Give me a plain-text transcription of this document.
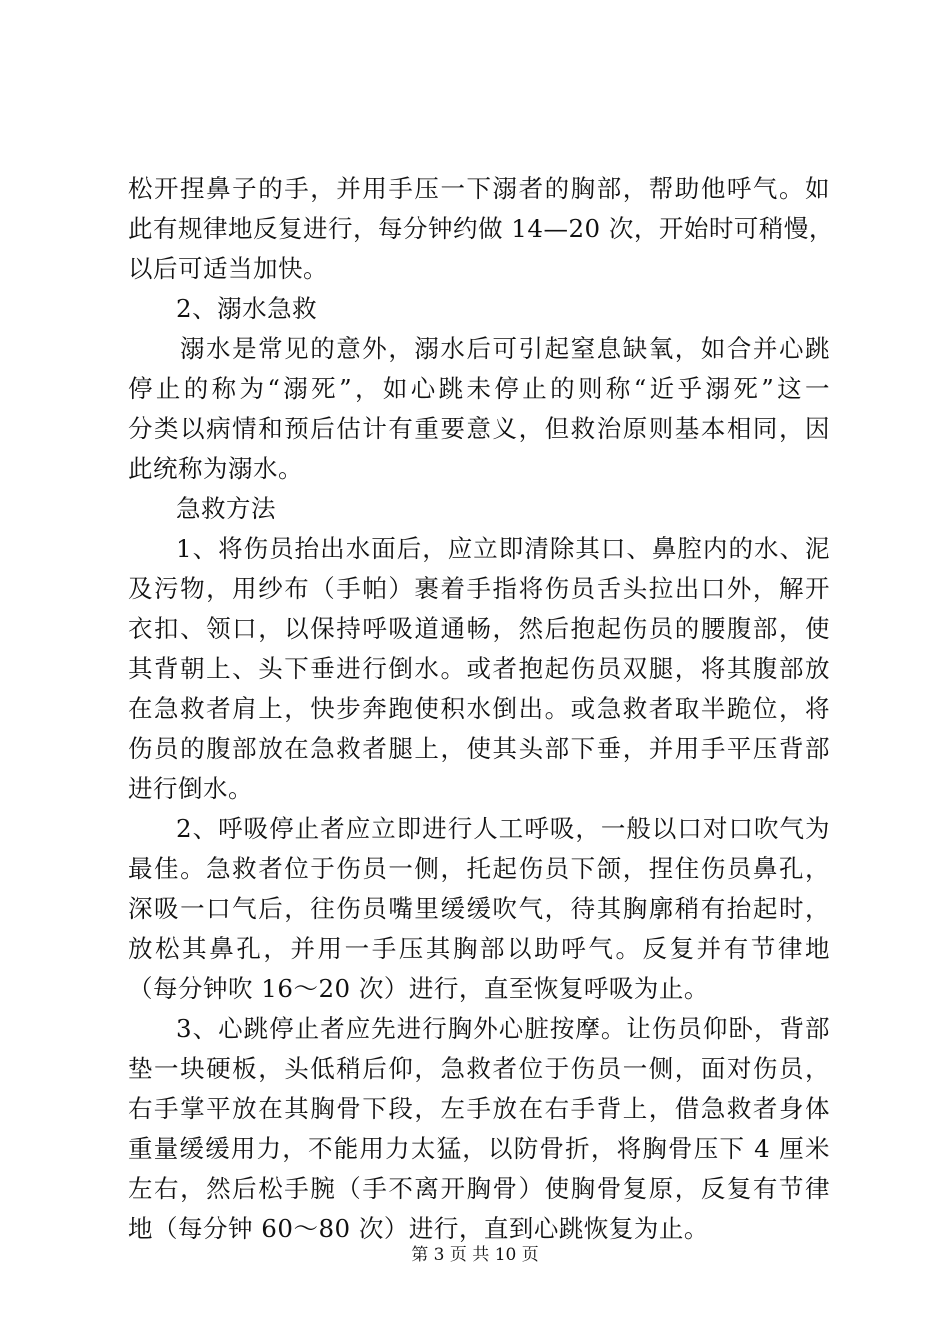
松开捏鼻子的手，并用手压一下溺者的胸部，帮助他呼气。如
此有规律地反复进行，每分钟约做 14—20 次，开始时可稍慢，
以后可适当加快。
2、溺水急救
溺水是常见的意外，溺水后可引起窒息缺氧，如合并心跳
停止的称为“溺死”，如心跳未停止的则称“近乎溺死”这一
分类以病情和预后估计有重要意义，但救治原则基本相同，因
此统称为溺水。
急救方法
1、将伤员抬出水面后，应立即清除其口、鼻腔内的水、泥
及污物，用纱布（手帕）裹着手指将伤员舌头拉出口外，解开
衣扣、领口，以保持呼吸道通畅，然后抱起伤员的腰腹部，使
其背朝上、头下垂进行倒水。或者抱起伤员双腿，将其腹部放
在急救者肩上，快步奔跑使积水倒出。或急救者取半跪位，将
伤员的腹部放在急救者腿上，使其头部下垂，并用手平压背部
进行倒水。
2、呼吸停止者应立即进行人工呼吸，一般以口对口吹气为
最佳。急救者位于伤员一侧，托起伤员下颌，捏住伤员鼻孔，
深吸一口气后，往伤员嘴里缓缓吹气，待其胸廓稍有抬起时，
放松其鼻孔，并用一手压其胸部以助呼气。反复并有节律地
（每分钟吹 16～20 次）进行，直至恢复呼吸为止。
3、心跳停止者应先进行胸外心脏按摩。让伤员仰卧，背部
垫一块硬板，头低稍后仰，急救者位于伤员一侧，面对伤员，
右手掌平放在其胸骨下段，左手放在右手背上，借急救者身体
重量缓缓用力，不能用力太猛，以防骨折，将胸骨压下 4 厘米
左右，然后松手腕（手不离开胸骨）使胸骨复原，反复有节律
地（每分钟 60～80 次）进行，直到心跳恢复为止。
第 3 页 共 10 页
